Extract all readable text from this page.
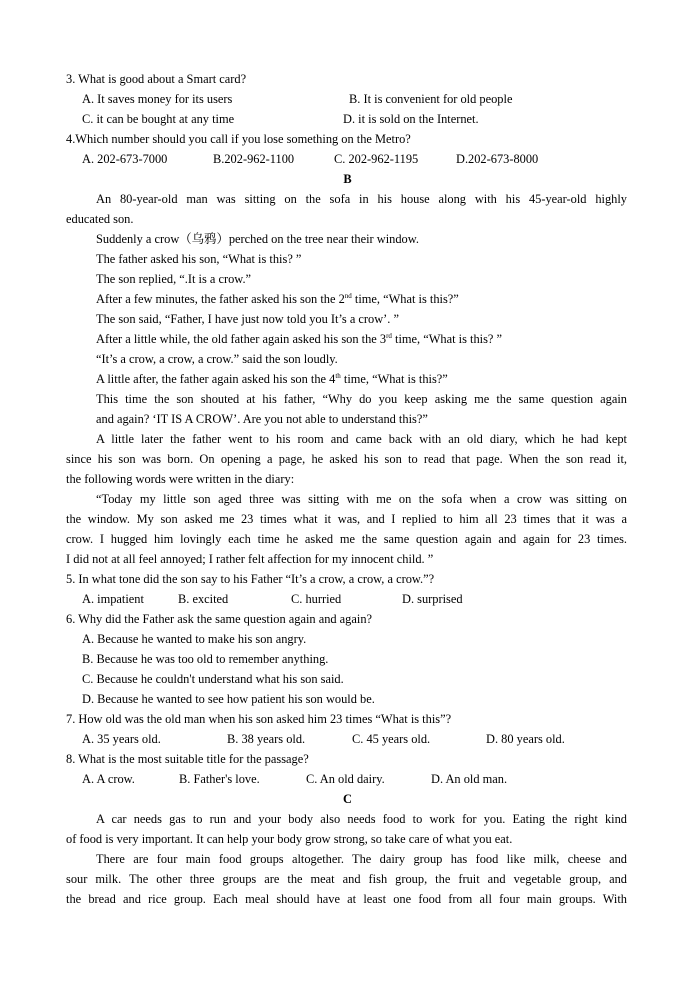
3. What is good about a Smart card?
A. It saves money for its users	B. It is convenient for old people
C. it can be bought at any time	D. it is sold on the Internet.
4.Which number should you call if you lose something on the Metro?
A. 202-673-7000	B.202-962-1100	C. 202-962-1195	D.202-673-8000
B
An 80-year-old man was sitting on the sofa in his house along with his 45-year-old highly
educated son.
Suddenly a crow（乌鸦）perched on the tree near their window.
The father asked his son, “What is this? ”
The son replied, “.It is a crow.”
After a few minutes, the father asked his son the 2nd time, “What is this?”
The son said, “Father, I have just now told you It’s a crow’. ”
After a little while, the old father again asked his son the 3rd time, “What is this? ”
“It’s a crow, a crow, a crow.” said the son loudly.
A little after, the father again asked his son the 4th time, “What is this?”
This time the son shouted at his father, “Why do you keep asking me the same question again
and again? ‘IT IS A CROW’. Are you not able to understand this?”
A little later the father went to his room and came back with an old diary, which he had kept
since his son was born. On opening a page, he asked his son to read that page. When the son read it,
the following words were written in the diary:
“Today my little son aged three was sitting with me on the sofa when a crow was sitting on
the window. My son asked me 23 times what it was, and I replied to him all 23 times that it was a
crow. I hugged him lovingly each time he asked me the same question again and again for 23 times.
I did not at all feel annoyed; I rather felt affection for my innocent child. ”
5. In what tone did the son say to his Father “It’s a crow, a crow, a crow.”?
A. impatient	B. excited	C. hurried	D. surprised
6. Why did the Father ask the same question again and again?
A. Because he wanted to make his son angry.
B. Because he was too old to remember anything.
C. Because he couldn't understand what his son said.
D. Because he wanted to see how patient his son would be.
7. How old was the old man when his son asked him 23 times “What is this”?
A. 35 years old.	B. 38 years old.	C. 45 years old.	D. 80 years old.
8. What is the most suitable title for the passage?
A. A crow.	B. Father's love.	C. An old dairy.	D. An old man.
C
A car needs gas to run and your body also needs food to work for you. Eating the right kind
of food is very important. It can help your body grow strong, so take care of what you eat.
There are four main food groups altogether. The dairy group has food like milk, cheese and
sour milk. The other three groups are the meat and fish group, the fruit and vegetable group, and
the bread and rice group. Each meal should have at least one food from all four main groups. With
